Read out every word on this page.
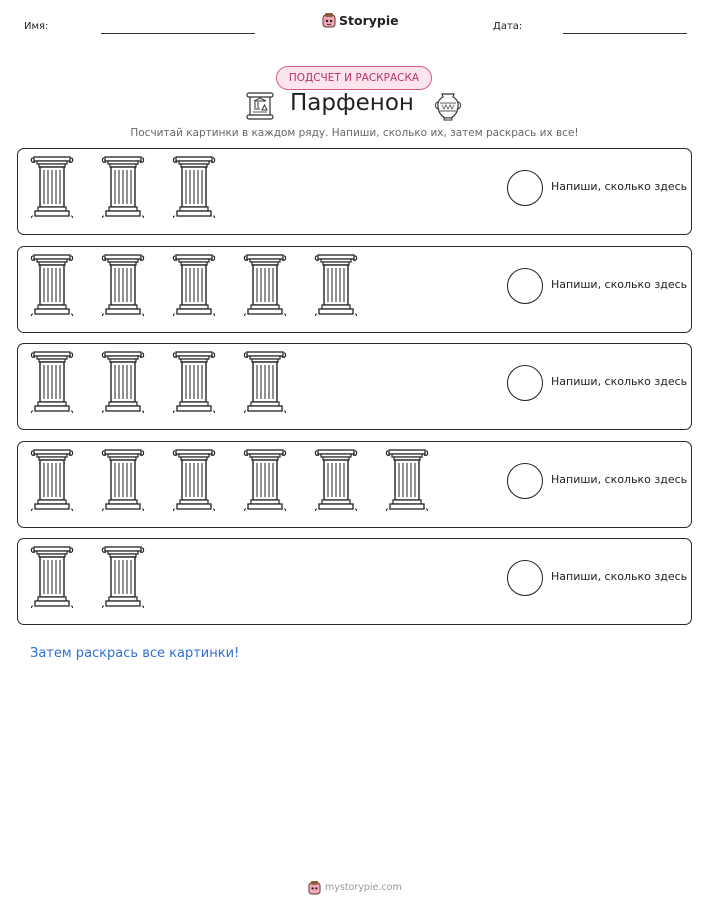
Имя:	Storypie	Дата:
ПОДСЧЕТ И РАСКРАСКА
Парфенон
Посчитай картинки в каждом ряду. Напиши, сколько их, затем раскрась их все!
Напиши, сколько здесь
Напиши, сколько здесь
Напиши, сколько здесь
Напиши, сколько здесь
Напиши, сколько здесь
Затем раскрась все картинки!
mystorypie.com
